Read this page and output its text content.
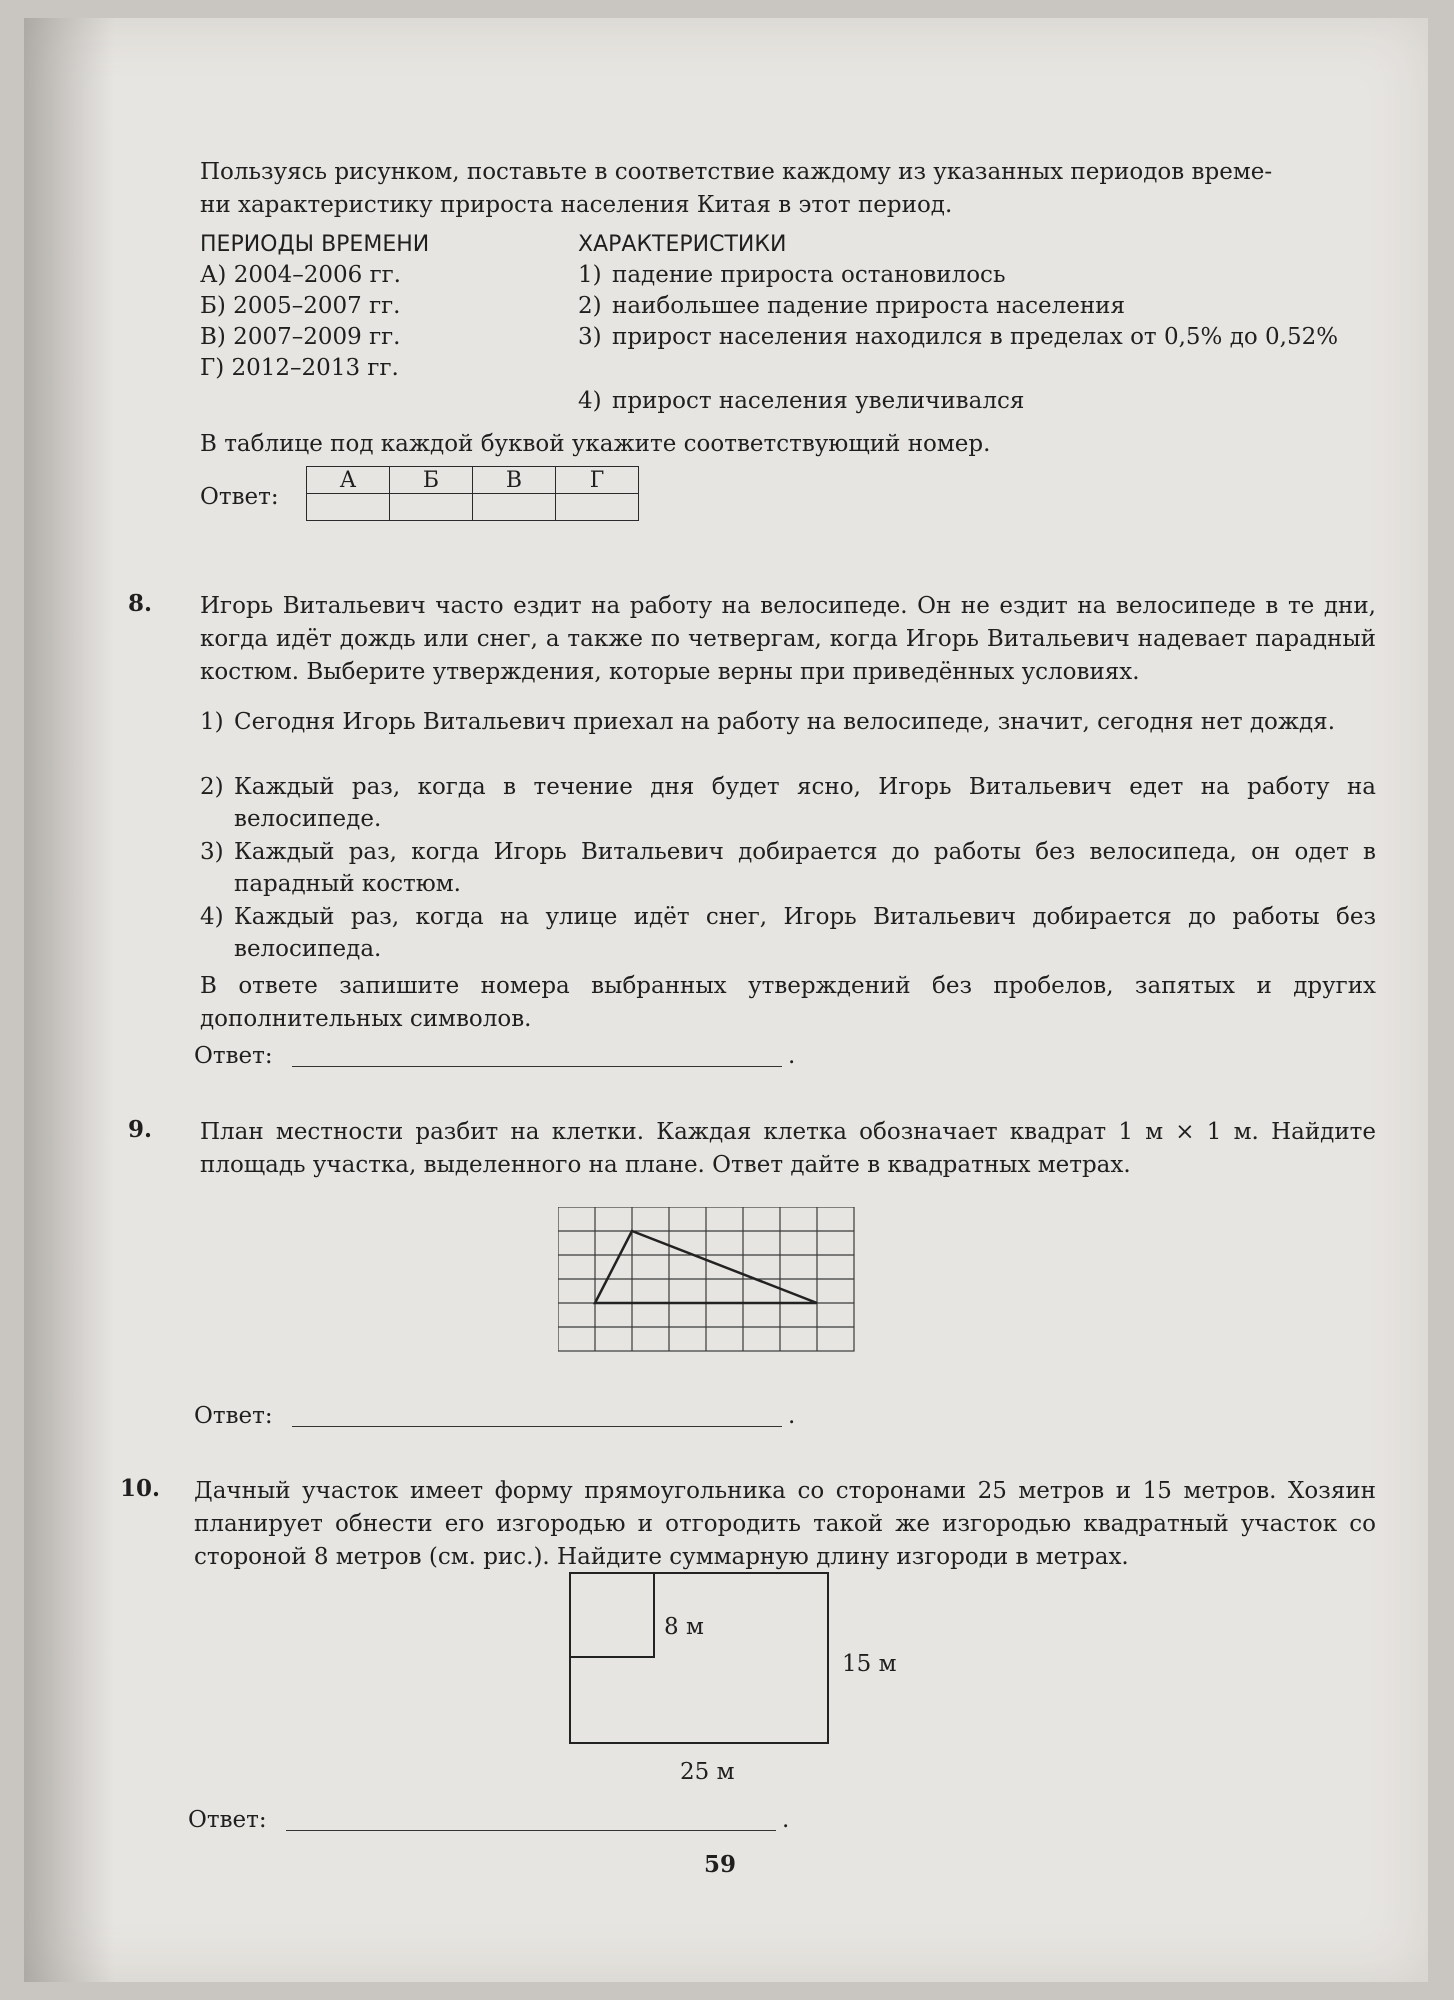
Пользуясь рисунком, поставьте в соответствие каждому из указанных периодов време-
ни характеристику прироста населения Китая в этот период.
ПЕРИОДЫ ВРЕМЕНИ
А) 2004–2006 гг.
Б) 2005–2007 гг.
В) 2007–2009 гг.
Г) 2012–2013 гг.
ХАРАКТЕРИСТИКИ
1) падение прироста остановилось
2) наибольшее падение прироста населения
3) прирост населения находился в пределах от 0,5% до 0,52%
4) прирост населения увеличивался
В таблице под каждой буквой укажите соответствующий номер.
Ответ:
А	Б	В	Г

8. Игорь Витальевич часто ездит на работу на велосипеде. Он не ездит на велосипеде в те дни, когда идёт дождь или снег, а также по четвергам, когда Игорь Витальевич надевает парадный костюм. Выберите утверждения, которые верны при приведённых условиях.
1) Сегодня Игорь Витальевич приехал на работу на велосипеде, значит, сегодня нет дождя.
2) Каждый раз, когда в течение дня будет ясно, Игорь Витальевич едет на работу на велосипеде.
3) Каждый раз, когда Игорь Витальевич добирается до работы без велосипеда, он одет в парадный костюм.
4) Каждый раз, когда на улице идёт снег, Игорь Витальевич добирается до работы без велосипеда.
В ответе запишите номера выбранных утверждений без пробелов, запятых и других дополнительных символов.
Ответ:	.
9. План местности разбит на клетки. Каждая клетка обозначает квадрат 1 м × 1 м. Найдите площадь участка, выделенного на плане. Ответ дайте в квадратных метрах.
Ответ:	.
10. Дачный участок имеет форму прямоугольника со сторонами 25 метров и 15 метров. Хозяин планирует обнести его изгородью и отгородить такой же изгородью квадратный участок со стороной 8 метров (см. рис.). Найдите суммарную длину изгороди в метрах.
8 м
15 м
25 м
Ответ:	.
59
